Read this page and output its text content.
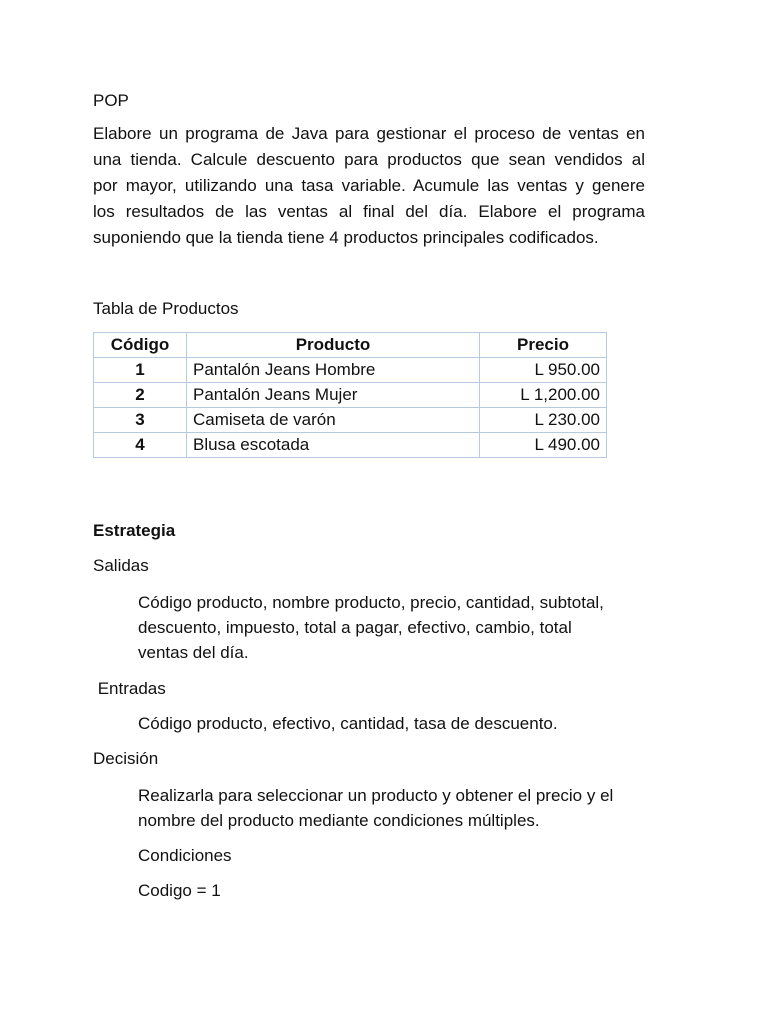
POP

Elabore un programa de Java para gestionar el proceso de ventas en
una tienda. Calcule descuento para productos que sean vendidos al
por mayor, utilizando una tasa variable. Acumule las ventas y genere
los resultados de las ventas al final del día. Elabore el programa
suponiendo que la tienda tiene 4 productos principales codificados.

Tabla de Productos

Código	Producto	Precio
1	Pantalón Jeans Hombre	L 950.00
2	Pantalón Jeans Mujer	L 1,200.00
3	Camiseta de varón	L 230.00
4	Blusa escotada	L 490.00

Estrategia

Salidas

Código producto, nombre producto, precio, cantidad, subtotal,
descuento, impuesto, total a pagar, efectivo, cambio, total
ventas del día.

Entradas

Código producto, efectivo, cantidad, tasa de descuento.

Decisión

Realizarla para seleccionar un producto y obtener el precio y el
nombre del producto mediante condiciones múltiples.

Condiciones

Codigo = 1
